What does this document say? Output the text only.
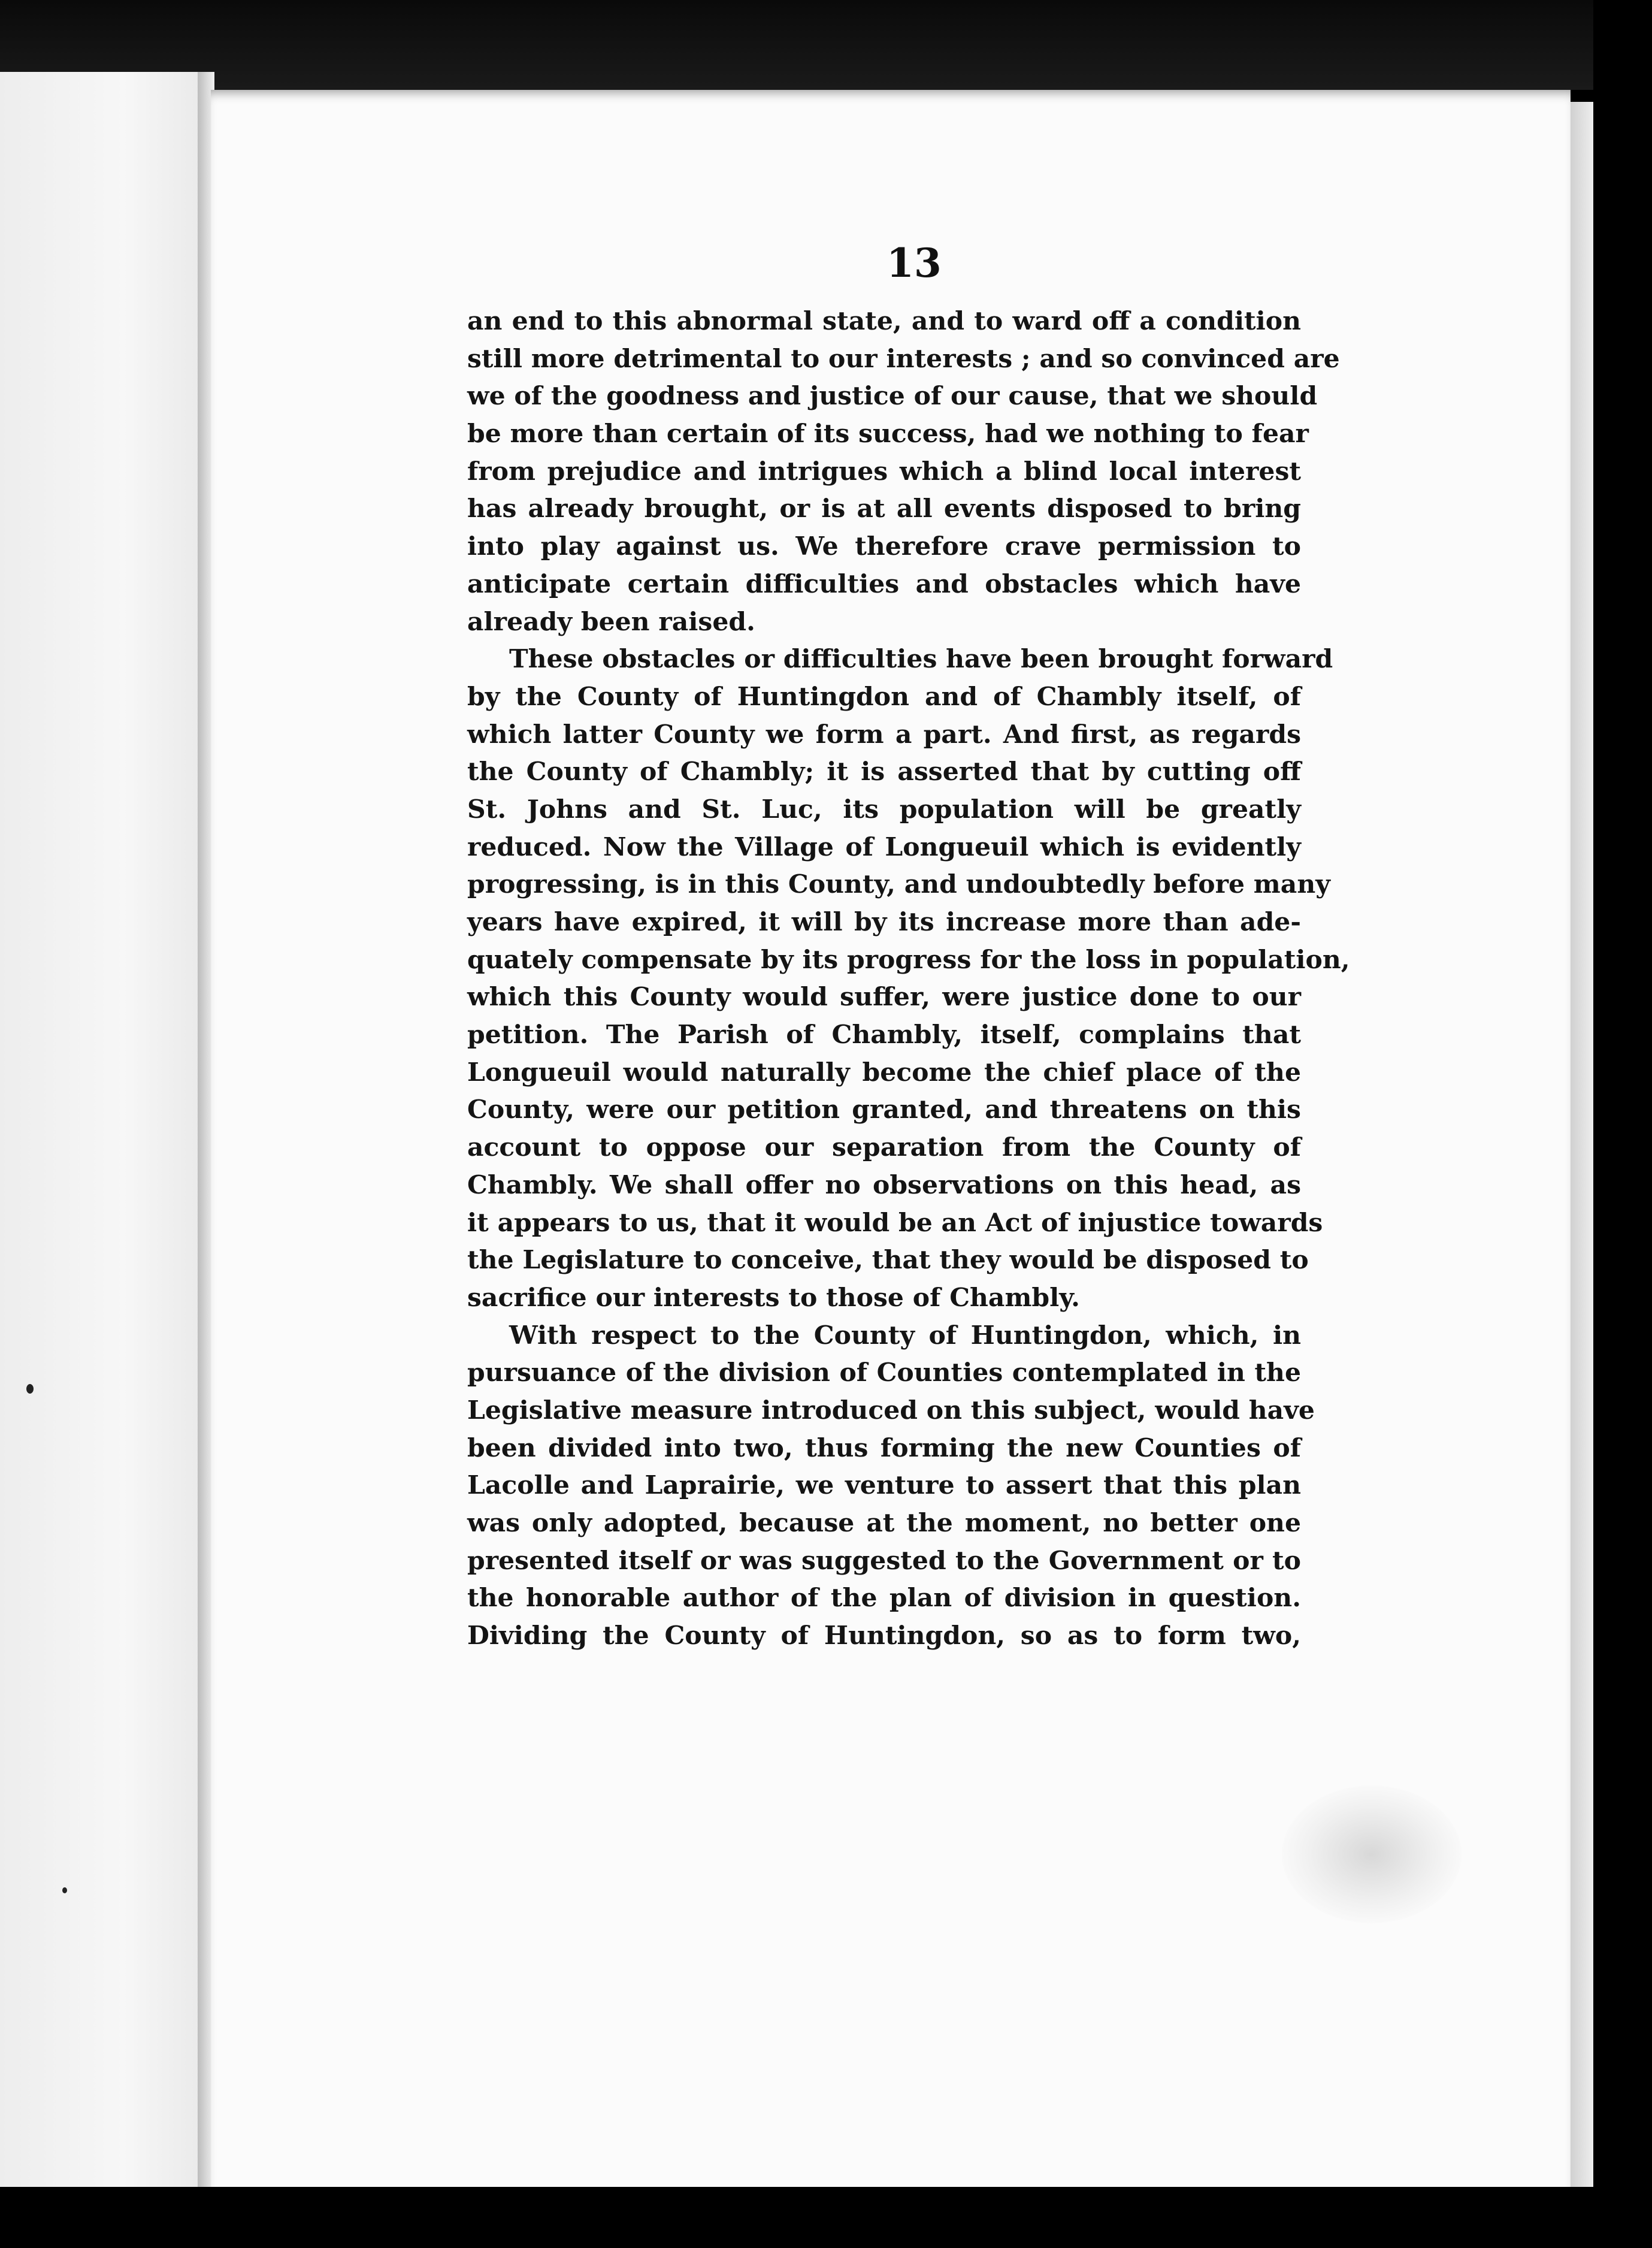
13
an end to this abnormal state, and to ward off a condition
still more detrimental to our interests ; and so convinced are
we of the goodness and justice of our cause, that we should
be more than certain of its success, had we nothing to fear
from prejudice and intrigues which a blind local interest
has already brought, or is at all events disposed to bring
into play against us. We therefore crave permission to
anticipate certain difficulties and obstacles which have
already been raised.
These obstacles or difficulties have been brought forward
by the County of Huntingdon and of Chambly itself, of
which latter County we form a part. And first, as regards
the County of Chambly; it is asserted that by cutting off
St. Johns and St. Luc, its population will be greatly
reduced. Now the Village of Longueuil which is evidently
progressing, is in this County, and undoubtedly before many
years have expired, it will by its increase more than ade-
quately compensate by its progress for the loss in population,
which this County would suffer, were justice done to our
petition. The Parish of Chambly, itself, complains that
Longueuil would naturally become the chief place of the
County, were our petition granted, and threatens on this
account to oppose our separation from the County of
Chambly. We shall offer no observations on this head, as
it appears to us, that it would be an Act of injustice towards
the Legislature to conceive, that they would be disposed to
sacrifice our interests to those of Chambly.
With respect to the County of Huntingdon, which, in
pursuance of the division of Counties contemplated in the
Legislative measure introduced on this subject, would have
been divided into two, thus forming the new Counties of
Lacolle and Laprairie, we venture to assert that this plan
was only adopted, because at the moment, no better one
presented itself or was suggested to the Government or to
the honorable author of the plan of division in question.
Dividing the County of Huntingdon, so as to form two,
